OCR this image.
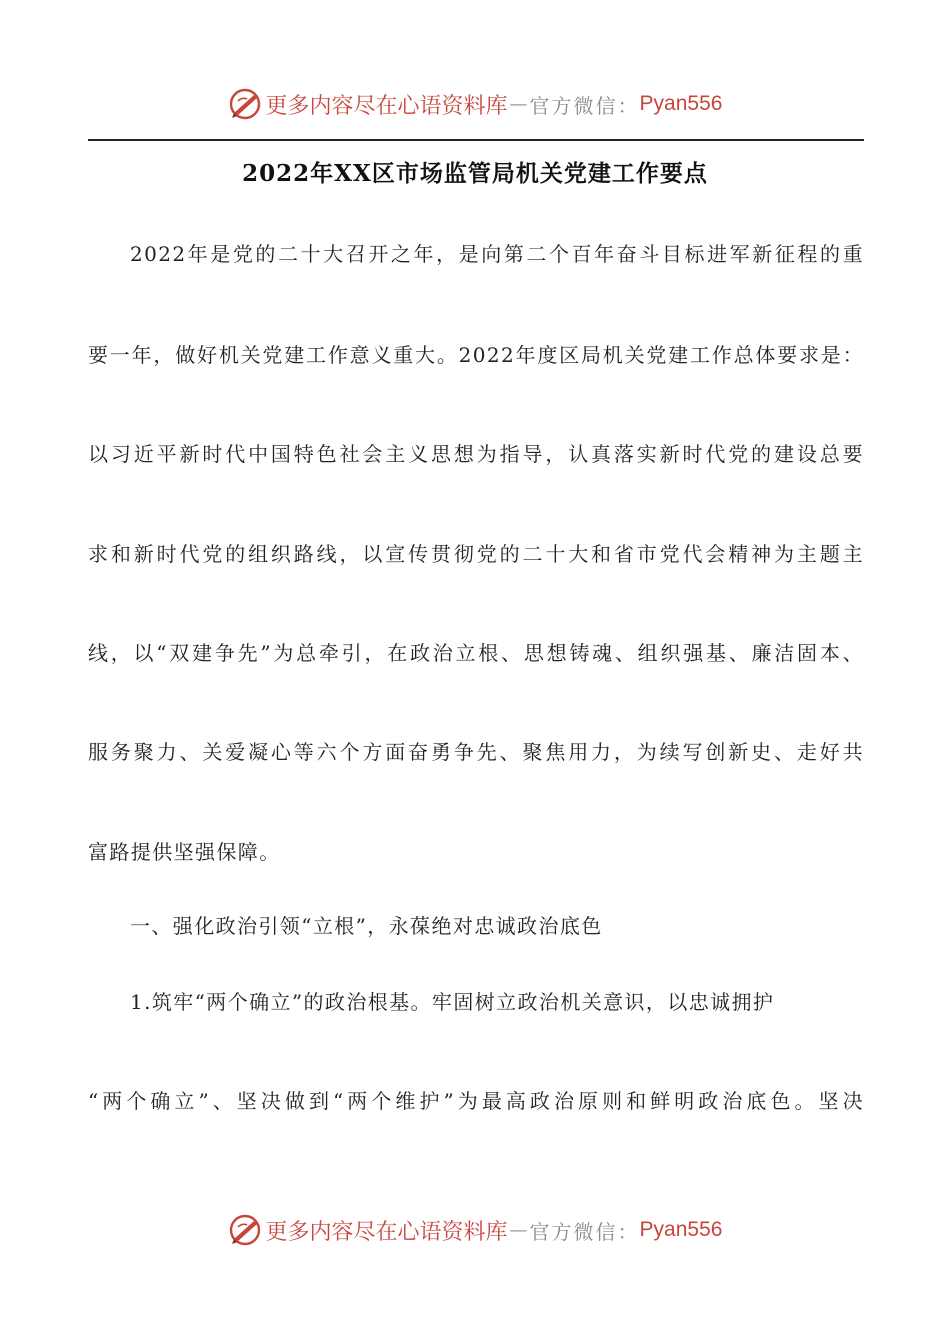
更多内容尽在心语资料库 — 官方微信： Pyan556
2022年XX区市场监管局机关党建工作要点
2022年是党的二十大召开之年，是向第二个百年奋斗目标进军新征程的重
要一年，做好机关党建工作意义重大。2022年度区局机关党建工作总体要求是：
以习近平新时代中国特色社会主义思想为指导，认真落实新时代党的建设总要
求和新时代党的组织路线，以宣传贯彻党的二十大和省市党代会精神为主题主
线，以“双建争先”为总牵引，在政治立根、思想铸魂、组织强基、廉洁固本、
服务聚力、关爱凝心等六个方面奋勇争先、聚焦用力，为续写创新史、走好共
富路提供坚强保障。
一、强化政治引领“立根”，永葆绝对忠诚政治底色
1.筑牢“两个确立”的政治根基。牢固树立政治机关意识，以忠诚拥护
“两个确立”、坚决做到“两个维护”为最高政治原则和鲜明政治底色。坚决
更多内容尽在心语资料库 — 官方微信： Pyan556
